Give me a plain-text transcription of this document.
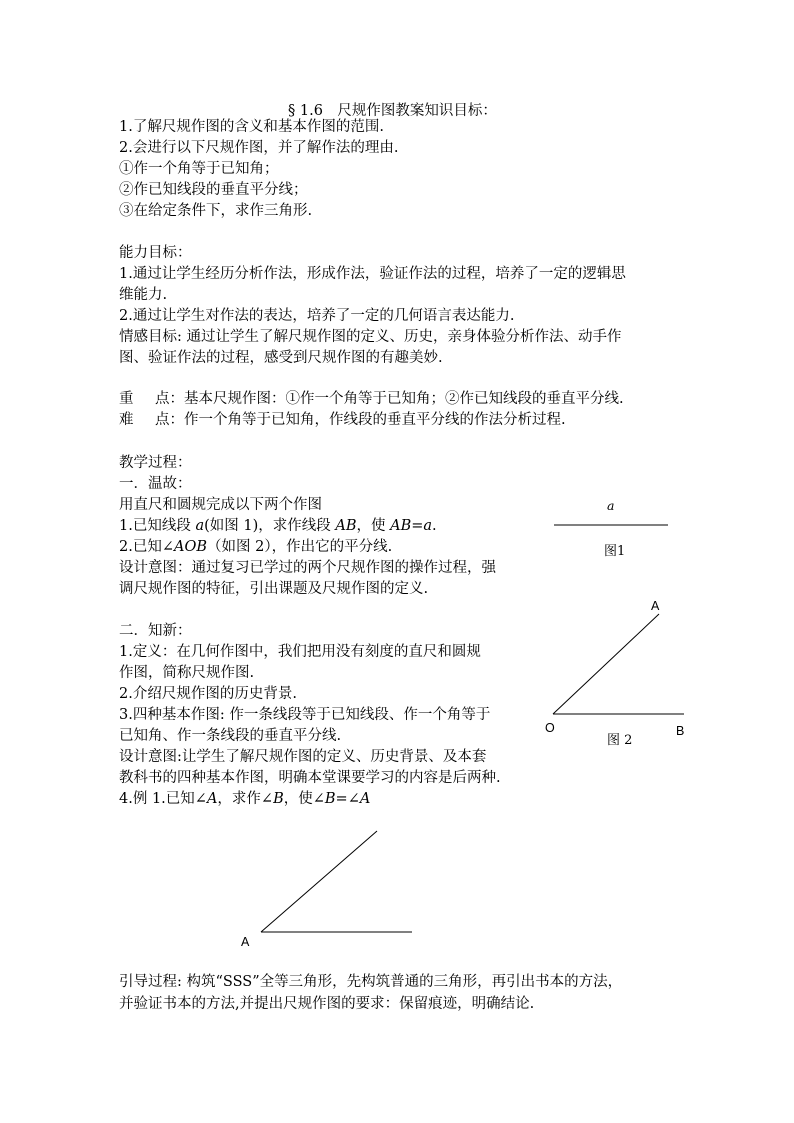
§ 1.6　尺规作图教案知识目标：
1.了解尺规作图的含义和基本作图的范围.
2.会进行以下尺规作图，并了解作法的理由.
①作一个角等于已知角；
②作已知线段的垂直平分线；
③在给定条件下，求作三角形.
能力目标：
1.通过让学生经历分析作法，形成作法，验证作法的过程，培养了一定的逻辑思
维能力.
2.通过让学生对作法的表达，培养了一定的几何语言表达能力.
情感目标: 通过让学生了解尺规作图的定义、历史，亲身体验分析作法、动手作
图、验证作法的过程，感受到尺规作图的有趣美妙.
重 点：基本尺规作图：①作一个角等于已知角；②作已知线段的垂直平分线.
难 点：作一个角等于已知角，作线段的垂直平分线的作法分析过程.
教学过程：
一．温故：
用直尺和圆规完成以下两个作图
1.已知线段 a(如图 1)，求作线段 AB，使 AB=a.
2.已知∠AOB（如图 2），作出它的平分线.
设计意图：通过复习已学过的两个尺规作图的操作过程，强
调尺规作图的特征，引出课题及尺规作图的定义.
二．知新：
1.定义：在几何作图中，我们把用没有刻度的直尺和圆规
作图，简称尺规作图.
2.介绍尺规作图的历史背景.
3.四种基本作图: 作一条线段等于已知线段、作一个角等于
已知角、作一条线段的垂直平分线.
设计意图:让学生了解尺规作图的定义、历史背景、及本套
教科书的四种基本作图，明确本堂课要学习的内容是后两种.
4.例 1.已知∠A，求作∠B，使∠B=∠A
引导过程: 构筑“SSS”全等三角形，先构筑普通的三角形，再引出书本的方法，
并验证书本的方法,并提出尺规作图的要求：保留痕迹，明确结论.
a
图1
A
O	B
图 2
A
